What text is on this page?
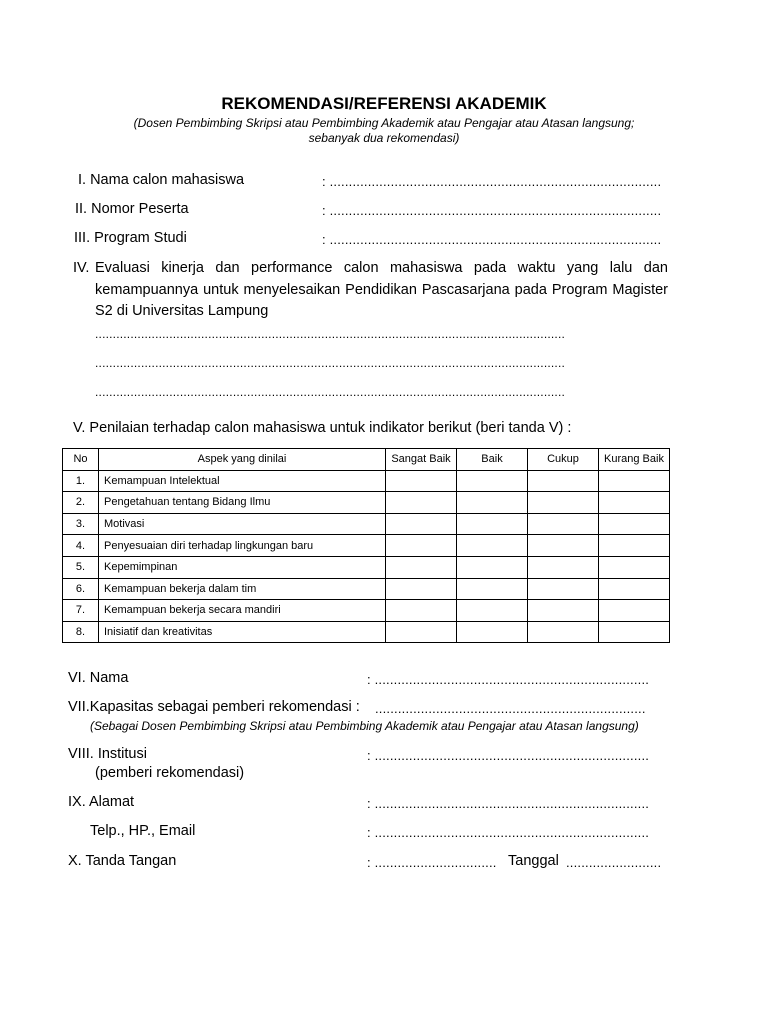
REKOMENDASI/REFERENSI AKADEMIK
(Dosen Pembimbing Skripsi atau Pembimbing Akademik atau Pengajar atau Atasan langsung;
sebanyak dua rekomendasi)
I. Nama calon mahasiswa	: .......................................................................................
II. Nomor Peserta	: .......................................................................................
III. Program Studi	: .......................................................................................
IV. Evaluasi kinerja dan performance calon mahasiswa pada waktu yang lalu dan kemampuannya untuk menyelesaikan Pendidikan Pascasarjana pada Program Magister S2 di Universitas Lampung
.....................................................................................................................................
.....................................................................................................................................
.....................................................................................................................................
V. Penilaian terhadap calon mahasiswa untuk indikator berikut (beri tanda V) :
No	Aspek yang dinilai	Sangat Baik	Baik	Cukup	Kurang Baik
1.	Kemampuan Intelektual				
2.	Pengetahuan tentang Bidang Ilmu				
3.	Motivasi				
4.	Penyesuaian diri terhadap lingkungan baru				
5.	Kepemimpinan				
6.	Kemampuan bekerja dalam tim				
7.	Kemampuan bekerja secara mandiri				
8.	Inisiatif dan kreativitas				
VI. Nama	: ........................................................................
VII.Kapasitas sebagai pemberi rekomendasi : .......................................................................
(Sebagai Dosen Pembimbing Skripsi atau Pembimbing Akademik atau Pengajar atau Atasan langsung)
VIII. Institusi	: ........................................................................
(pemberi rekomendasi)
IX. Alamat	: ........................................................................
Telp., HP., Email	: ........................................................................
X. Tanda Tangan	: ................................ Tanggal .........................
